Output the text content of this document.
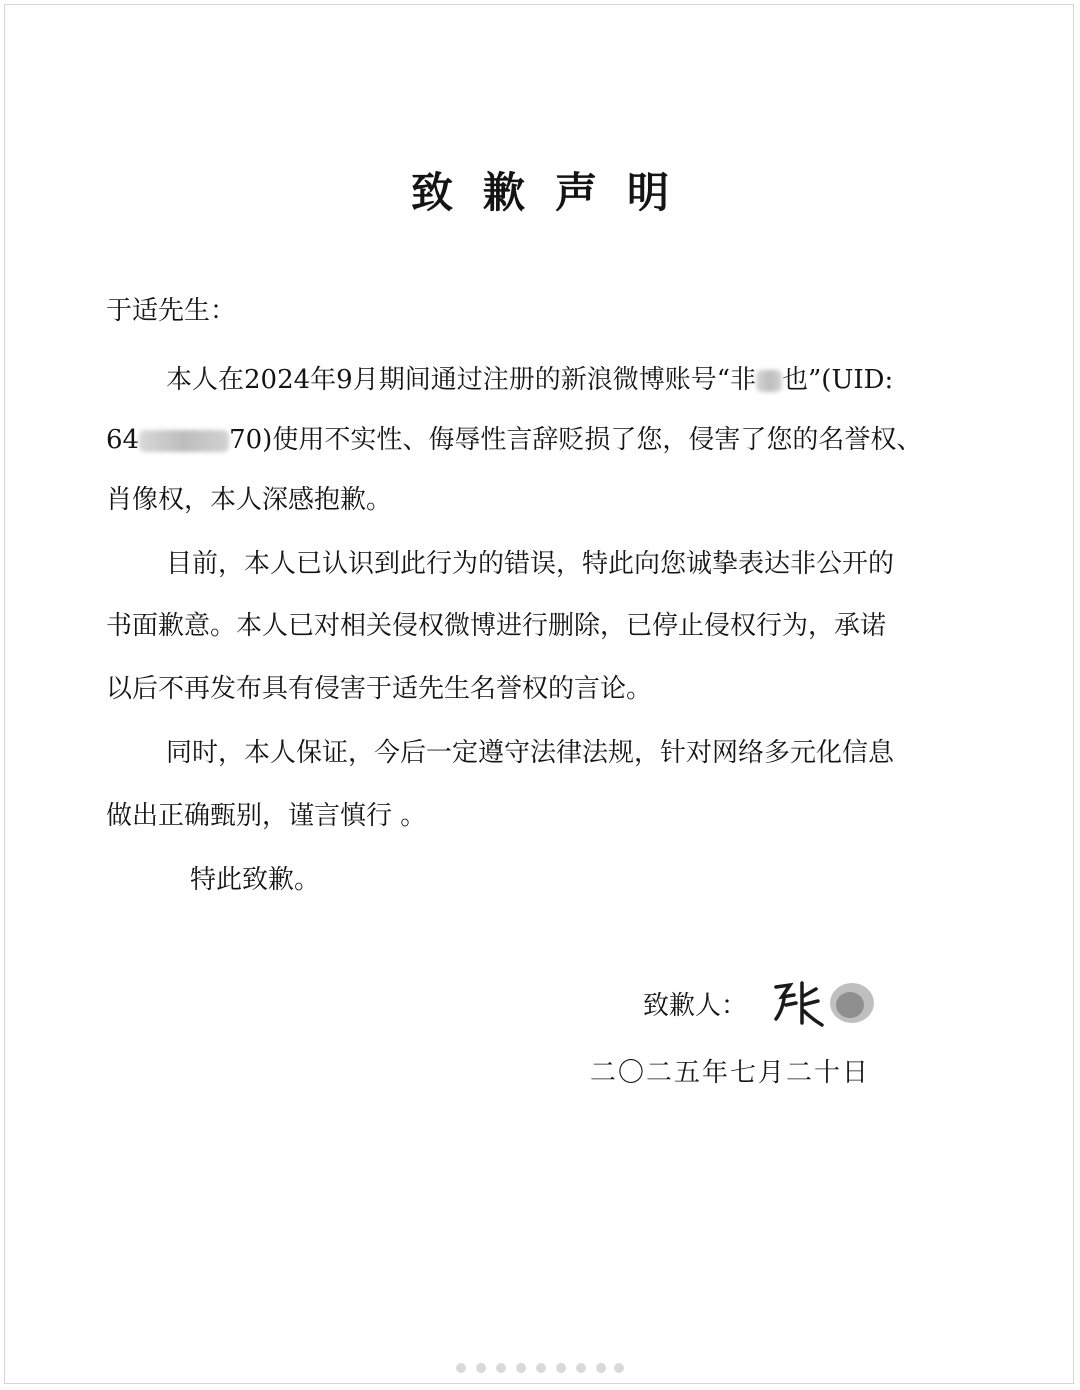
致歉声明
于适先生：
本人在2024年9月期间通过注册的新浪微博账号“非 也”(UID:
64	70)使用不实性、侮辱性言辞贬损了您，侵害了您的名誉权、
肖像权，本人深感抱歉。
目前，本人已认识到此行为的错误，特此向您诚挚表达非公开的
书面歉意。本人已对相关侵权微博进行删除，已停止侵权行为，承诺
以后不再发布具有侵害于适先生名誉权的言论。
同时，本人保证，今后一定遵守法律法规，针对网络多元化信息
做出正确甄别，谨言慎行 。
特此致歉。
致歉人：
二〇二五年七月二十日
